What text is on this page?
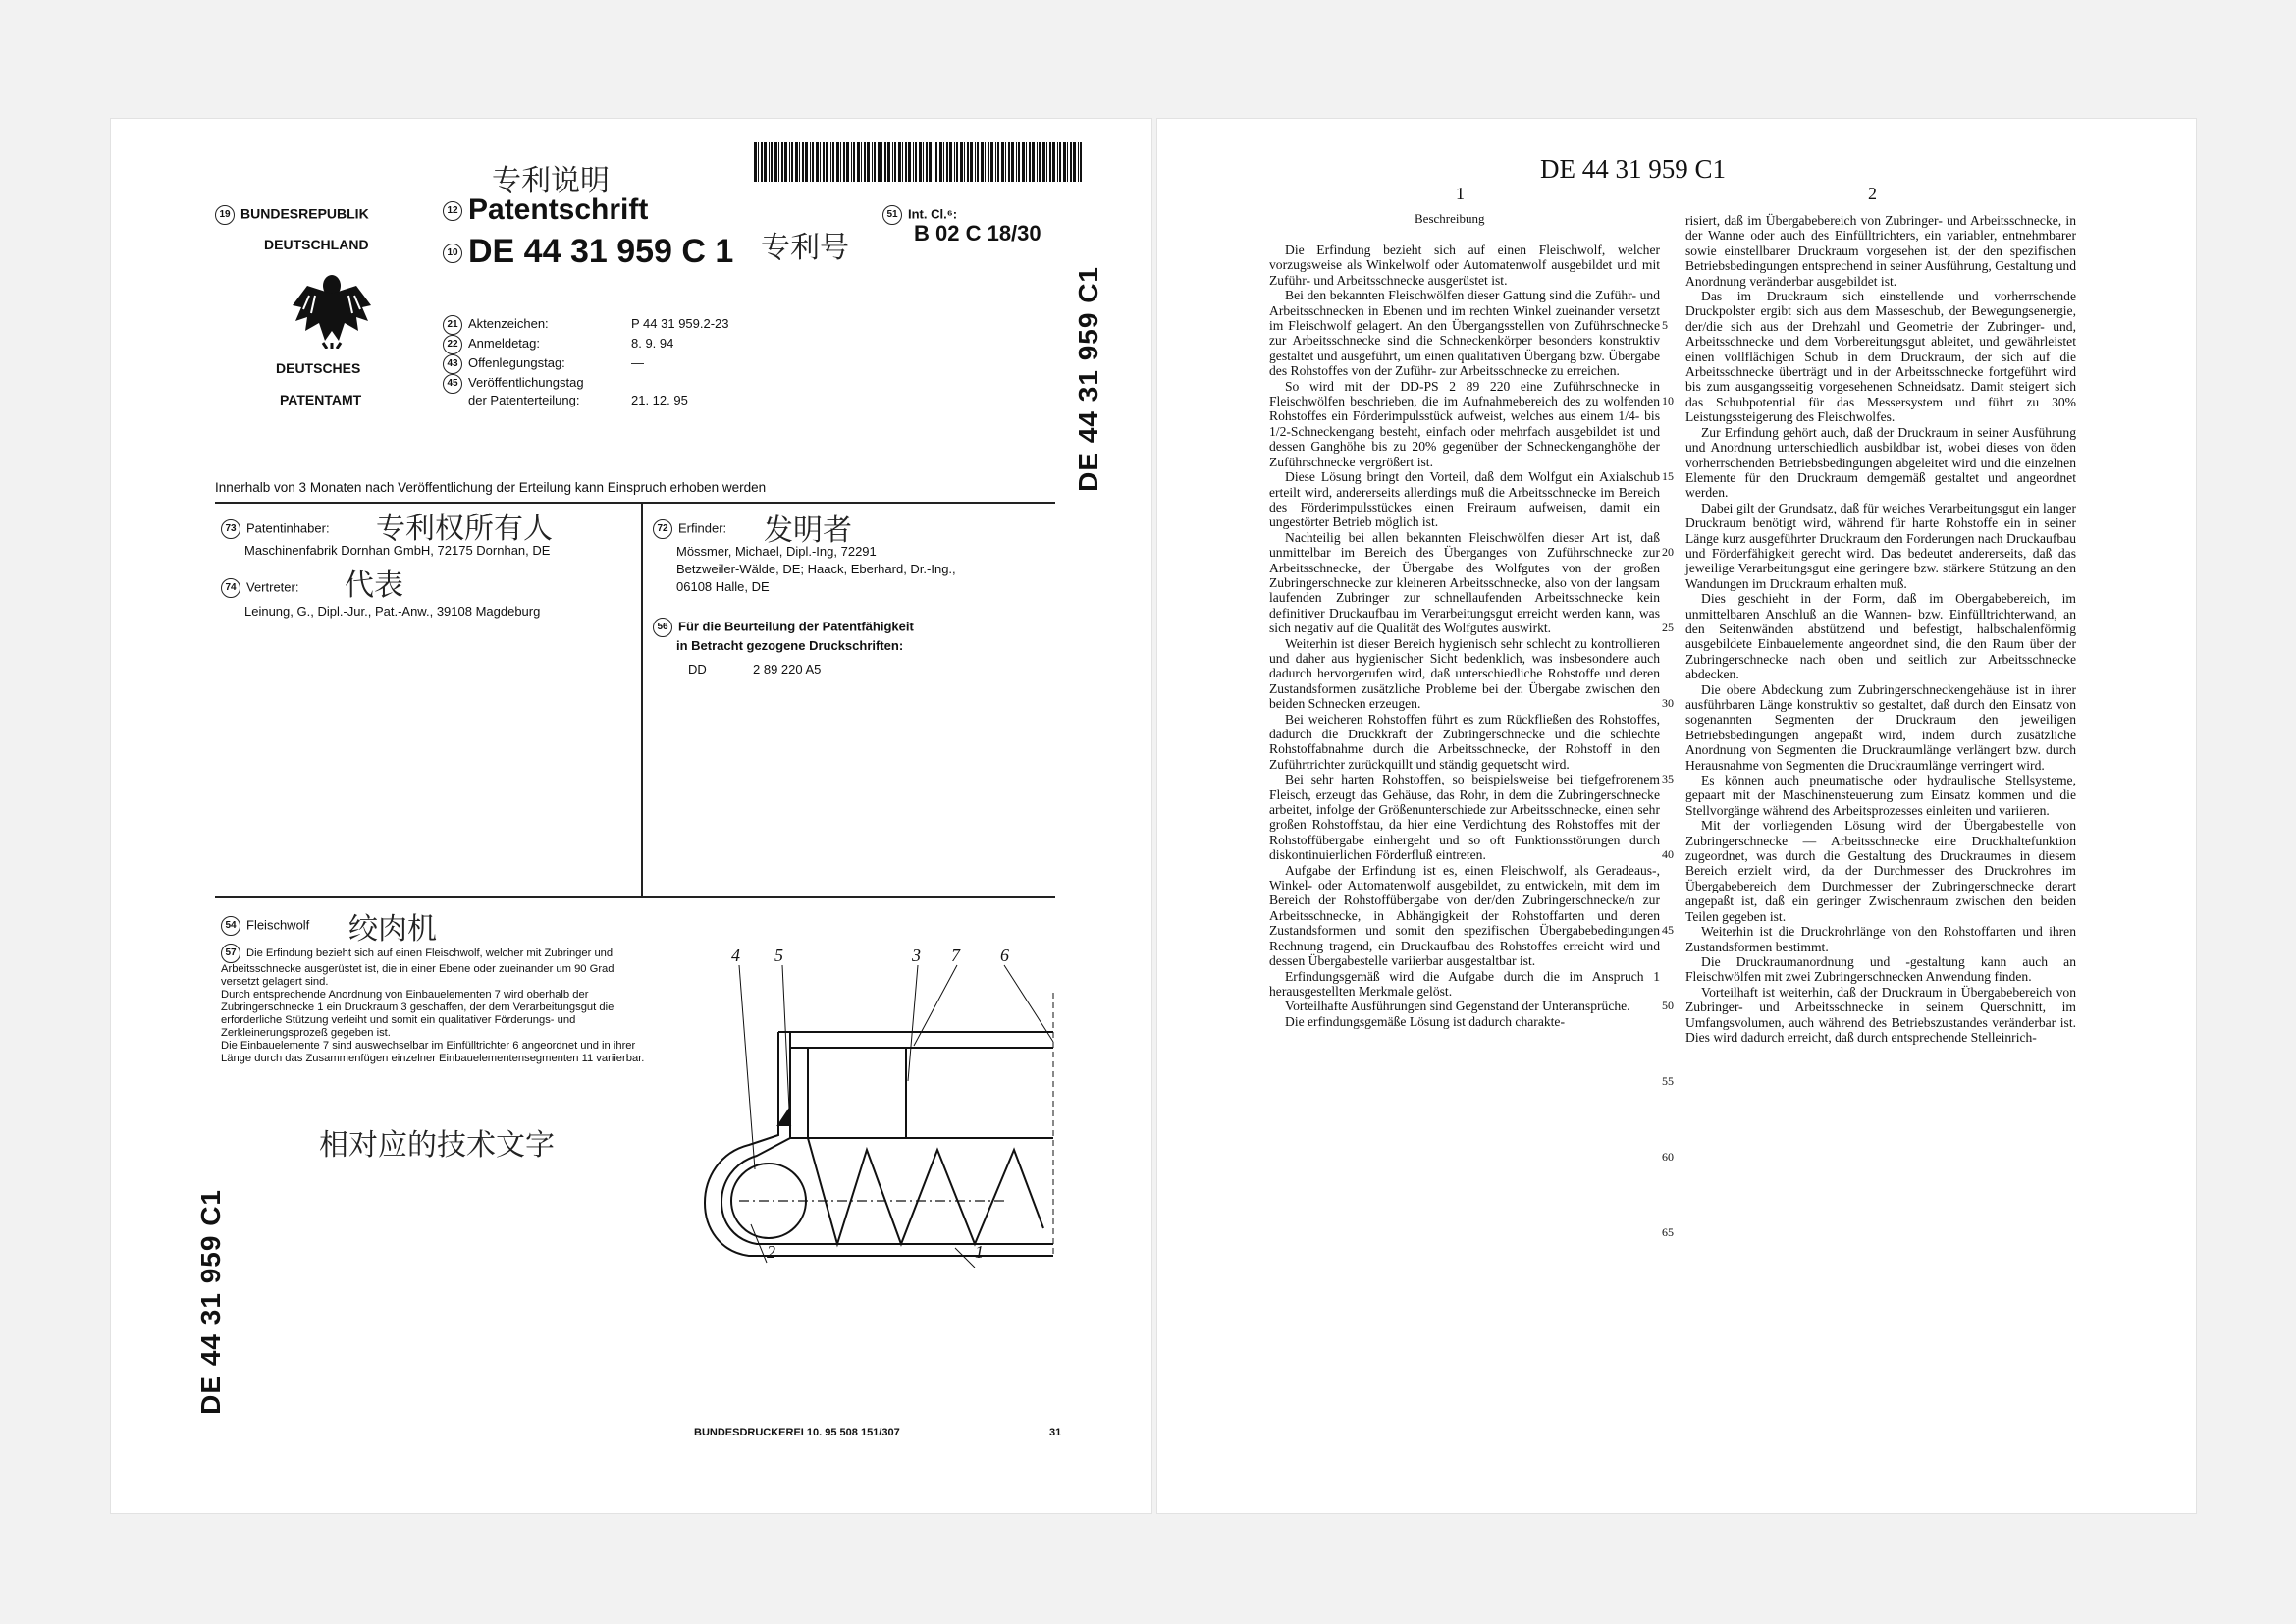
专利说明
19 BUNDESREPUBLIK
DEUTSCHLAND
DEUTSCHES
PATENTAMT
12 Patentschrift
10 DE 44 31 959 C 1 专利号
51 Int. Cl.⁶:
B 02 C 18/30
21 Aktenzeichen:	P 44 31 959.2-23
22 Anmeldetag:	8. 9. 94
43 Offenlegungstag:	—
45 Veröffentlichungstag
der Patenterteilung:	21. 12. 95	DE 44 31 959 C1
Innerhalb von 3 Monaten nach Veröffentlichung der Erteilung kann Einspruch erhoben werden
73 Patentinhaber: 专利权所有人
Maschinenfabrik Dornhan GmbH, 72175 Dornhan, DE
代表
74 Vertreter:
Leinung, G., Dipl.-Jur., Pat.-Anw., 39108 Magdeburg
72 Erfinder: 发明者
Mössmer, Michael, Dipl.-Ing, 72291
Betzweiler-Wälde, DE; Haack, Eberhard, Dr.-Ing.,
06108 Halle, DE
56 Für die Beurteilung der Patentfähigkeit
in Betracht gezogene Druckschriften:
DD	2 89 220 A5
54 Fleischwolf 绞肉机

57 Die Erfindung bezieht sich auf einen Fleischwolf, welcher mit Zubringer und Arbeitsschnecke ausgerüstet ist, die in einer Ebene oder zueinander um 90 Grad versetzt gelagert sind.

Durch entsprechende Anordnung von Einbauelementen 7 wird oberhalb der Zubringerschnecke 1 ein Druckraum 3 geschaffen, der dem Verarbeitungsgut die erforderliche Stützung verleiht und somit ein qualitativer Förderungs- und Zerkleinerungsprozeß gegeben ist.

Die Einbauelemente 7 sind auswechselbar im Einfülltrichter 6 angeordnet und in ihrer Länge durch das Zusammenfügen einzelner Einbauelementensegmenten 11 variierbar.

相对应的技术文字
4 5	3 7 6
2	1
DE 44 31 959 C1
BUNDESDRUCKEREI 10. 95 508 151/307	31
DE 44 31 959 C1
1	2
Beschreibung

Die Erfindung bezieht sich auf einen Fleischwolf, welcher vorzugsweise als Winkelwolf oder Automatenwolf ausgebildet und mit Zuführ- und Arbeitsschnecke ausgerüstet ist.

Bei den bekannten Fleischwölfen dieser Gattung sind die Zuführ- und Arbeitsschnecken in Ebenen und im rechten Winkel zueinander versetzt im Fleischwolf gelagert. An den Übergangsstellen von Zuführschnecke zur Arbeitsschnecke sind die Schneckenkörper besonders konstruktiv gestaltet und ausgeführt, um einen qualitativen Übergang bzw. Übergabe des Rohstoffes von der Zuführ- zur Arbeitsschnecke zu erreichen.

So wird mit der DD-PS 2 89 220 eine Zuführschnecke in Fleischwölfen beschrieben, die im Aufnahmebereich des zu wolfenden Rohstoffes ein Förderimpulsstück aufweist, welches aus einem 1/4- bis 1/2-Schneckengang besteht, einfach oder mehrfach ausgebildet ist und dessen Ganghöhe bis zu 20% gegenüber der Schneckenganghöhe der Zuführschnecke vergrößert ist.

Diese Lösung bringt den Vorteil, daß dem Wolfgut ein Axialschub erteilt wird, andererseits allerdings muß die Arbeitsschnecke im Bereich des Förderimpulsstückes einen Freiraum aufweisen, damit ein ungestörter Betrieb möglich ist.

Nachteilig bei allen bekannten Fleischwölfen dieser Art ist, daß unmittelbar im Bereich des Überganges von Zuführschnecke zur Arbeitsschnecke, der Übergabe des Wolfgutes von der großen Zubringerschnecke zur kleineren Arbeitsschnecke, also von der langsam laufenden Zubringer zur schnellaufenden Arbeitsschnecke kein definitiver Druckaufbau im Verarbeitungsgut erreicht werden kann, was sich negativ auf die Qualität des Wolfgutes auswirkt.

Weiterhin ist dieser Bereich hygienisch sehr schlecht zu kontrollieren und daher aus hygienischer Sicht bedenklich, was insbesondere auch dadurch hervorgerufen wird, daß unterschiedliche Rohstoffe und deren Zustandsformen zusätzliche Probleme bei der. Übergabe zwischen den beiden Schnecken erzeugen.

Bei weicheren Rohstoffen führt es zum Rückfließen des Rohstoffes, dadurch die Druckkraft der Zubringerschnecke und die schlechte Rohstoffabnahme durch die Arbeitsschnecke, der Rohstoff in den Zuführtrichter zurückquillt und ständig gequetscht wird.

Bei sehr harten Rohstoffen, so beispielsweise bei tiefgefrorenem Fleisch, erzeugt das Gehäuse, das Rohr, in dem die Zubringerschnecke arbeitet, infolge der Größenunterschiede zur Arbeitsschnecke, einen sehr großen Rohstoffstau, da hier eine Verdichtung des Rohstoffes mit der Rohstoffübergabe einhergeht und so oft Funktionsstörungen durch diskontinuierlichen Förderfluß eintreten.

Aufgabe der Erfindung ist es, einen Fleischwolf, als Geradeaus-, Winkel- oder Automatenwolf ausgebildet, zu entwickeln, mit dem im Bereich der Rohstoffübergabe von der/den Zubringerschnecke/n zur Arbeitsschnecke, in Abhängigkeit der Rohstoffarten und deren Zustandsformen und somit den spezifischen Übergabebedingungen Rechnung tragend, ein Druckaufbau des Rohstoffes erreicht wird und dessen Übergabestelle variierbar ausgestaltbar ist.

Erfindungsgemäß wird die Aufgabe durch die im Anspruch 1 herausgestellten Merkmale gelöst.

Vorteilhafte Ausführungen sind Gegenstand der Unteransprüche.

Die erfindungsgemäße Lösung ist dadurch charakte-

5
10
15
20
25
30
35
40
45
50
55
60
65

risiert, daß im Übergabebereich von Zubringer- und Arbeitsschnecke, in der Wanne oder auch des Einfülltrichters, ein variabler, entnehmbarer sowie einstellbarer Druckraum vorgesehen ist, der den spezifischen Betriebsbedingungen entsprechend in seiner Ausführung, Gestaltung und Anordnung veränderbar ausgebildet ist.

Das im Druckraum sich einstellende und vorherrschende Druckpolster ergibt sich aus dem Masseschub, der Bewegungsenergie, der/die sich aus der Drehzahl und Geometrie der Zubringer- und, Arbeitsschnecke und dem Vorbereitungsgut ableitet, und gewährleistet einen vollflächigen Schub in dem Druckraum, der sich auf die Arbeitsschnecke überträgt und in der Arbeitsschnecke fortgeführt wird bis zum ausgangsseitig vorgesehenen Schneidsatz. Damit steigert sich das Schubpotential für das Messersystem und führt zu 30% Leistungssteigerung des Fleischwolfes.

Zur Erfindung gehört auch, daß der Druckraum in seiner Ausführung und Anordnung unterschiedlich ausbildbar ist, wobei dieses von öden vorherrschenden Betriebsbedingungen abgeleitet wird und die einzelnen Elemente für den Druckraum demgemäß gestaltet und angeordnet werden.

Dabei gilt der Grundsatz, daß für weiches Verarbeitungsgut ein langer Druckraum benötigt wird, während für harte Rohstoffe ein in seiner Länge kurz ausgeführter Druckraum den Forderungen nach Druckaufbau und Förderfähigkeit gerecht wird. Das bedeutet andererseits, daß das jeweilige Verarbeitungsgut eine geringere bzw. stärkere Stützung an den Wandungen im Druckraum erhalten muß.

Dies geschieht in der Form, daß im Obergabebereich, im unmittelbaren Anschluß an die Wannen- bzw. Einfülltrichterwand, an den Seitenwänden abstützend und befestigt, halbschalenförmig ausgebildete Einbauelemente angeordnet sind, die den Raum über der Zubringerschnecke nach oben und seitlich zur Arbeitsschnecke abdecken.

Die obere Abdeckung zum Zubringerschneckengehäuse ist in ihrer ausführbaren Länge konstruktiv so gestaltet, daß durch den Einsatz von sogenannten Segmenten der Druckraum den jeweiligen Betriebsbedingungen angepaßt wird, indem durch zusätzliche Anordnung von Segmenten die Druckraumlänge verlängert bzw. durch Herausnahme von Segmenten die Druckraumlänge verringert wird.

Es können auch pneumatische oder hydraulische Stellsysteme, gepaart mit der Maschinensteuerung zum Einsatz kommen und die Stellvorgänge während des Arbeitsprozesses einleiten und variieren.

Mit der vorliegenden Lösung wird der Übergabestelle von Zubringerschnecke — Arbeitsschnecke eine Druckhaltefunktion zugeordnet, was durch die Gestaltung des Druckraumes in diesem Bereich erzielt wird, da der Durchmesser des Druckrohres im Übergabebereich dem Durchmesser der Zubringerschnecke derart angepaßt ist, daß ein geringer Zwischenraum zwischen den beiden Teilen gegeben ist.

Weiterhin ist die Druckrohrlänge von den Rohstoffarten und ihren Zustandsformen bestimmt.

Die Druckraumanordnung und -gestaltung kann auch an Fleischwölfen mit zwei Zubringerschnecken Anwendung finden.

Vorteilhaft ist weiterhin, daß der Druckraum in Übergabebereich von Zubringer- und Arbeitsschnecke in seinem Querschnitt, im Umfangsvolumen, auch während des Betriebszustandes veränderbar ist. Dies wird dadurch erreicht, daß durch entsprechende Stelleinrich-
